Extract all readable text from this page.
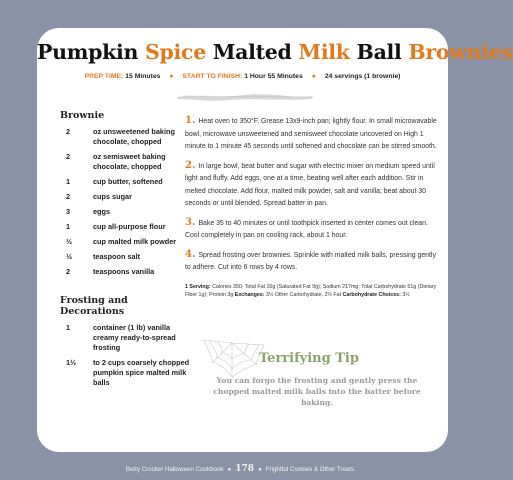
Pumpkin Spice Malted Milk Ball Brownies
PREP TIME: 15 Minutes ● START TO FINISH: 1 Hour 55 Minutes ● 24 servings (1 brownie)
Brownie
2	oz unsweetened baking chocolate, chopped
2	oz semisweet baking chocolate, chopped
1	cup butter, softened
2	cups sugar
3	eggs
1	cup all-purpose flour
½	cup malted milk powder
½	teaspoon salt
2	teaspoons vanilla
Frosting and Decorations
1	container (1 lb) vanilla creamy ready-to-spread frosting
1½	to 2 cups coarsely chopped pumpkin spice malted milk balls
1. Heat oven to 350°F. Grease 13x9-inch pan; lightly flour. In small microwavable bowl, microwave unsweetened and semisweet chocolate uncovered on High 1 minute to 1 minute 45 seconds until softened and chocolate can be stirred smooth.
2. In large bowl, beat butter and sugar with electric mixer on medium speed until light and fluffy. Add eggs, one at a time, beating well after each addition. Stir in melted chocolate. Add flour, malted milk powder, salt and vanilla; beat about 30 seconds or until blended. Spread batter in pan.
3. Bake 35 to 40 minutes or until toothpick inserted in center comes out clean. Cool completely in pan on cooling rack, about 1 hour.
4. Spread frosting over brownies. Sprinkle with malted milk balls, pressing gently to adhere. Cut into 6 rows by 4 rows.
1 Serving: Calories 350; Total Fat 16g (Saturated Fat 9g); Sodium 217mg; Total Carbohydrate 51g (Dietary Fiber 1g); Protein 3g Exchanges: 3½ Other Carbohydrate, 2½ Fat Carbohydrate Choices: 3½
Terrifying Tip
You can forgo the frosting and gently press the chopped malted milk balls into the batter before baking.
Betty Crocker Halloween Cookbook ● 178 ● Frightful Cookies & Other Treats
